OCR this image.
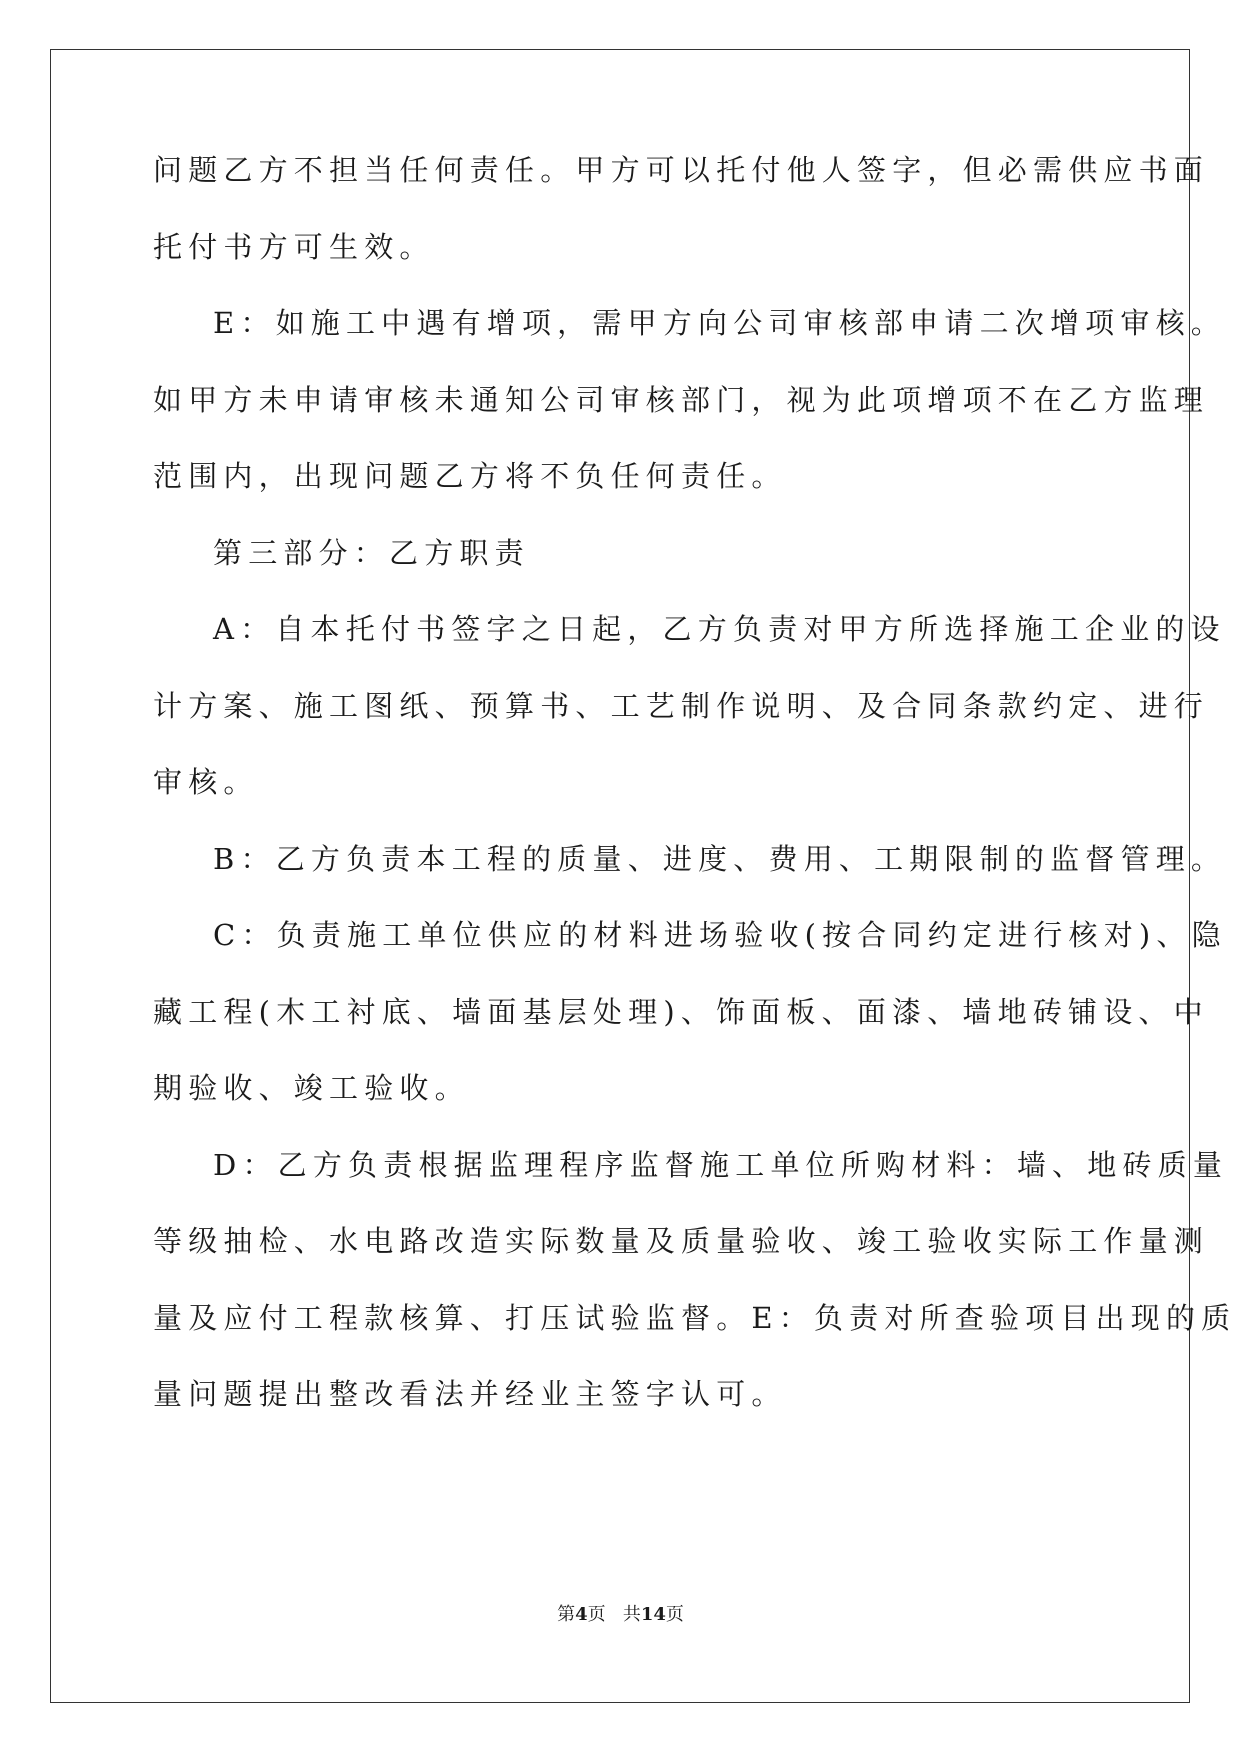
问题乙方不担当任何责任。甲方可以托付他人签字，但必需供应书面
托付书方可生效。
E：如施工中遇有增项，需甲方向公司审核部申请二次增项审核。
如甲方未申请审核未通知公司审核部门，视为此项增项不在乙方监理
范围内，出现问题乙方将不负任何责任。
第三部分：乙方职责
A：自本托付书签字之日起，乙方负责对甲方所选择施工企业的设
计方案、施工图纸、预算书、工艺制作说明、及合同条款约定、进行
审核。
B：乙方负责本工程的质量、进度、费用、工期限制的监督管理。
C：负责施工单位供应的材料进场验收(按合同约定进行核对)、隐
藏工程(木工衬底、墙面基层处理)、饰面板、面漆、墙地砖铺设、中
期验收、竣工验收。
D：乙方负责根据监理程序监督施工单位所购材料：墙、地砖质量
等级抽检、水电路改造实际数量及质量验收、竣工验收实际工作量测
量及应付工程款核算、打压试验监督。E：负责对所查验项目出现的质
量问题提出整改看法并经业主签字认可。
第4页 共14页
